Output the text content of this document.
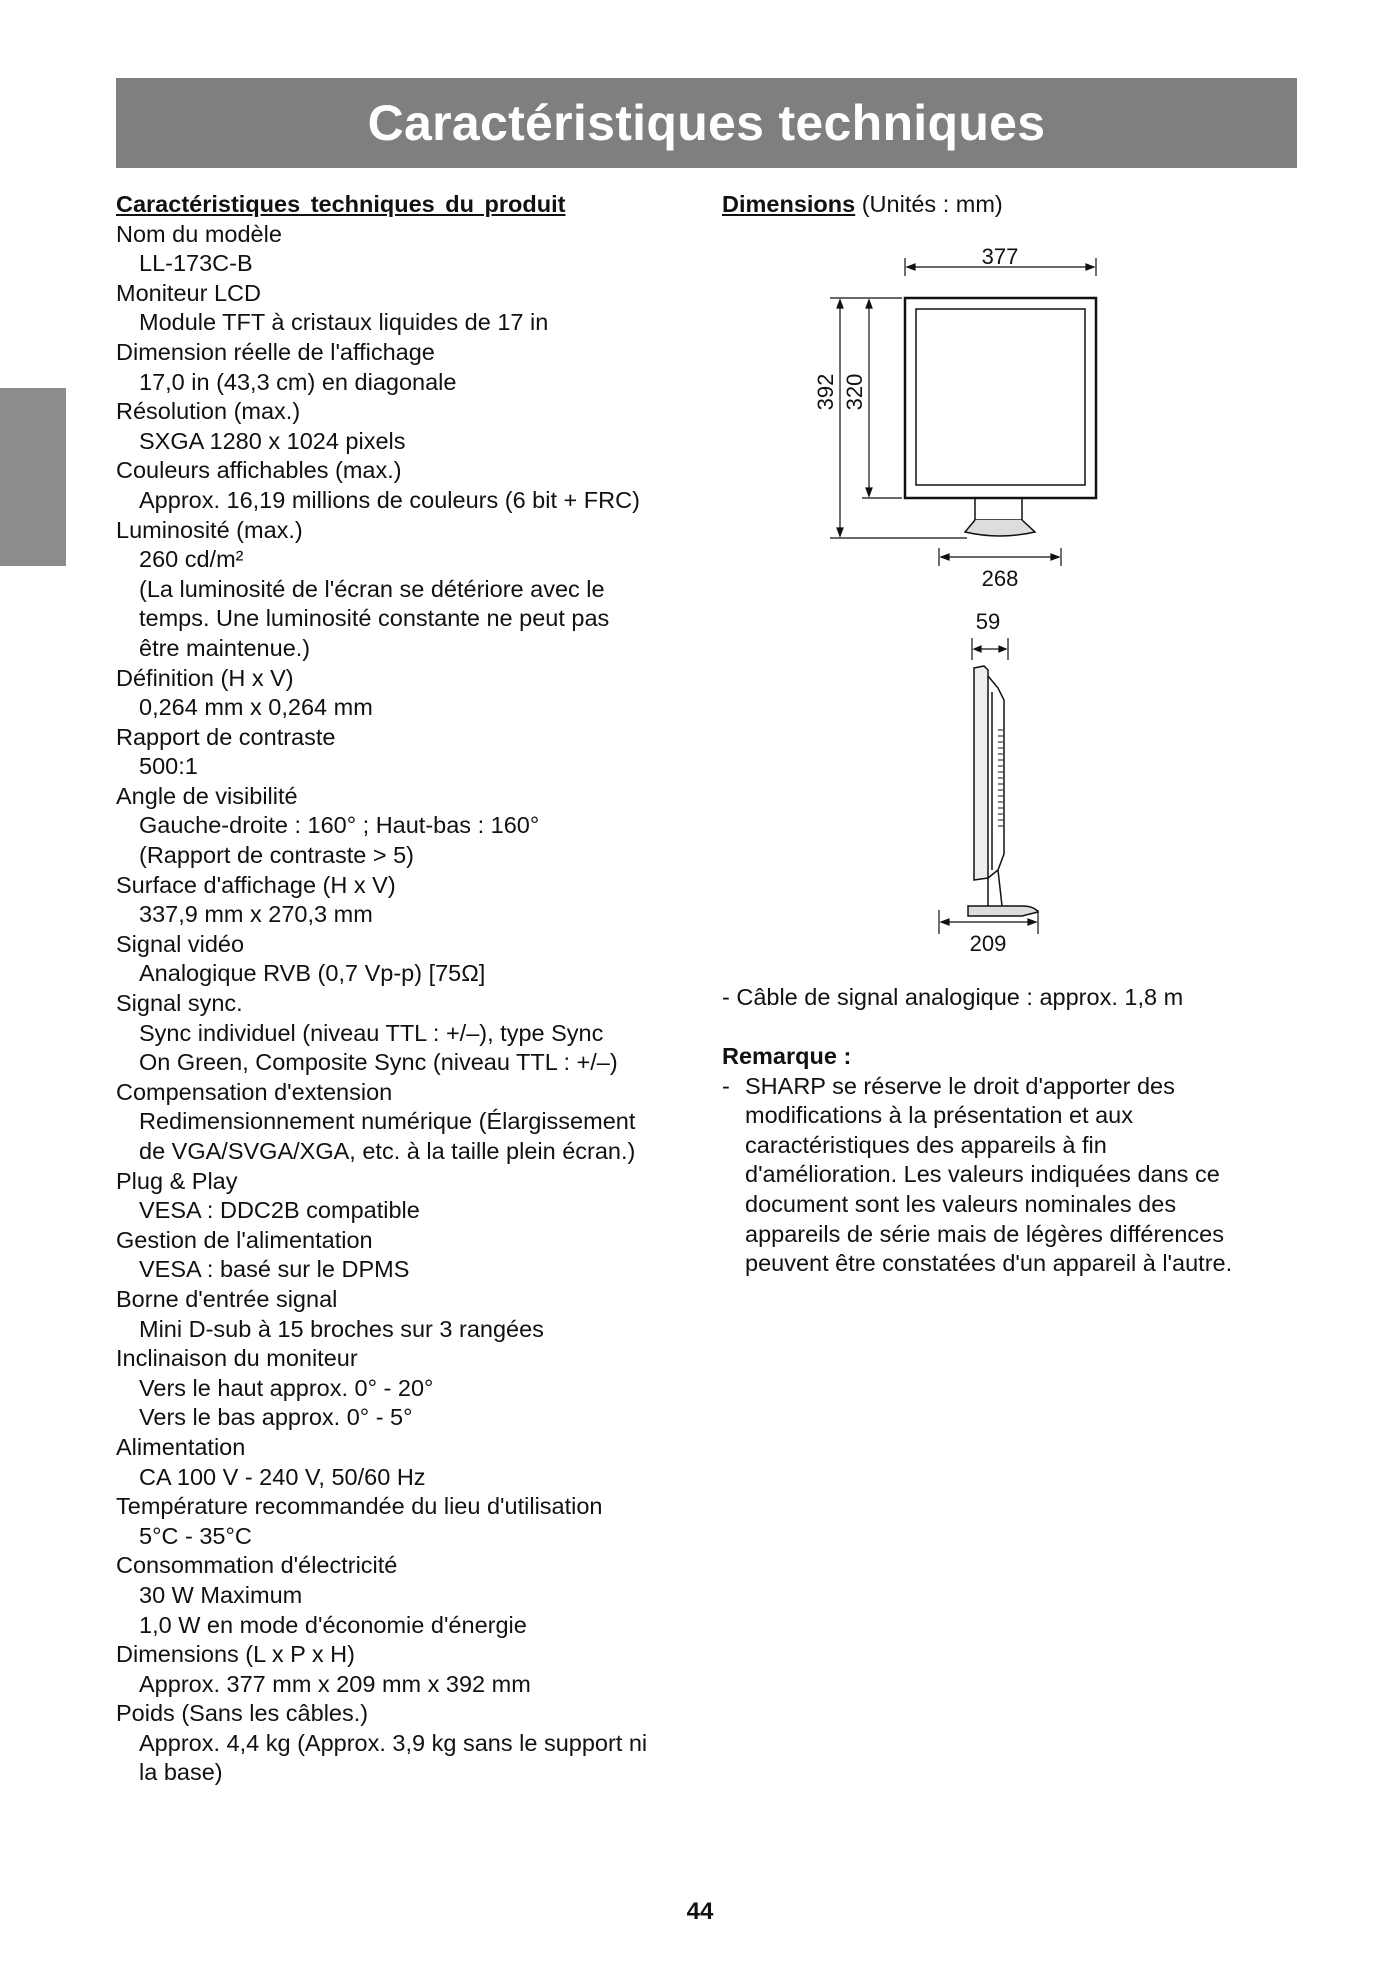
Caractéristiques techniques
Caractéristiques techniques du produit
Nom du modèle
LL-173C-B
Moniteur LCD
Module TFT à cristaux liquides de 17 in
Dimension réelle de l'affichage
17,0 in (43,3 cm) en diagonale
Résolution (max.)
SXGA 1280 x 1024 pixels
Couleurs affichables (max.)
Approx. 16,19 millions de couleurs (6 bit + FRC)
Luminosité (max.)
260 cd/m²
(La luminosité de l'écran se détériore avec le
temps. Une luminosité constante ne peut pas
être maintenue.)
Définition (H x V)
0,264 mm x 0,264 mm
Rapport de contraste
500:1
Angle de visibilité
Gauche-droite : 160° ; Haut-bas : 160°
(Rapport de contraste > 5)
Surface d'affichage (H x V)
337,9 mm x 270,3 mm
Signal vidéo
Analogique RVB (0,7 Vp-p) [75Ω]
Signal sync.
Sync individuel (niveau TTL : +/–), type Sync
On Green, Composite Sync (niveau TTL : +/–)
Compensation d'extension
Redimensionnement numérique (Élargissement
de VGA/SVGA/XGA, etc. à la taille plein écran.)
Plug & Play
VESA : DDC2B compatible
Gestion de l'alimentation
VESA : basé sur le DPMS
Borne d'entrée signal
Mini D-sub à 15 broches sur 3 rangées
Inclinaison du moniteur
Vers le haut approx. 0° - 20°
Vers le bas approx. 0° - 5°
Alimentation
CA 100 V - 240 V, 50/60 Hz
Température recommandée du lieu d'utilisation
5°C - 35°C
Consommation d'électricité
30 W Maximum
1,0 W en mode d'économie d'énergie
Dimensions (L x P x H)
Approx. 377 mm x 209 mm x 392 mm
Poids (Sans les câbles.)
Approx. 4,4 kg (Approx. 3,9 kg sans le support ni
la base)
Dimensions (Unités : mm)
377
392 320
268
59
209
- Câble de signal analogique : approx. 1,8 m
Remarque :
- SHARP se réserve le droit d'apporter des
modifications à la présentation et aux
caractéristiques des appareils à fin
d'amélioration. Les valeurs indiquées dans ce
document sont les valeurs nominales des
appareils de série mais de légères différences
peuvent être constatées d'un appareil à l'autre.
44
